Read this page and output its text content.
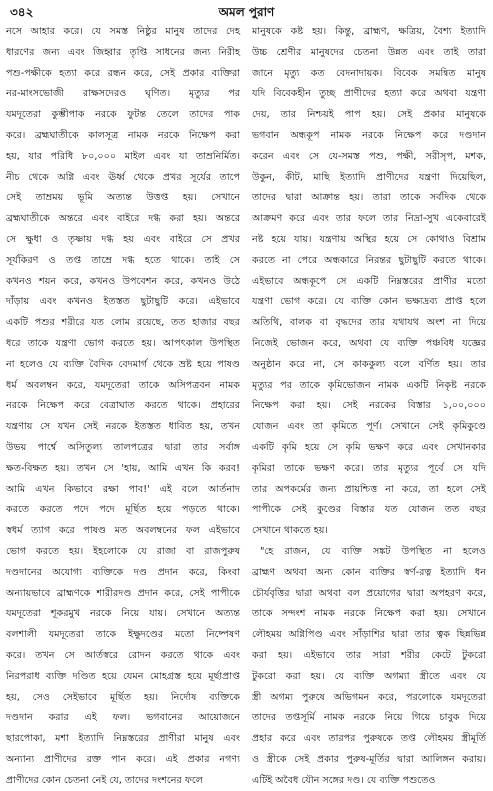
৩৪২	অমল পুরাণ
নসে আহার করে। যে সমস্ত নিষ্ঠুর মানুষ তাদের দেহ
ধারণের জন্য এবং জিহ্বার তৃপ্তি সাধনের জন্য নিরীহ
পশু-পক্ষীকে হত্যা করে রন্ধন করে, সেই প্রকার ব্যক্তিরা
নর-মাংসভোজী রাক্ষসদেরও ঘৃণিত। মৃত্যুর পর
যমদূতেরা কুম্ভীপাক নরকে ফুটন্ত তেলে তাদের পাক
করে। ব্রহ্মঘাতীকে কালসূত্র নামক নরকে নিক্ষেপ করা
হয়, যার পরিধি ৮০,০০০ মাইল এবং যা তাম্রনির্মিত।
নীচ থেকে অগ্নি এবং ঊর্ধ্ব থেকে প্রখর সূর্যের তাপে
সেই তাম্রময় ভূমি অত্যন্ত উত্তপ্ত হয়। সেখানে
ব্রহ্মঘাতীকে অন্তরে এবং বাইরে দগ্ধ করা হয়। অন্তরে
সে ক্ষুধা ও তৃষ্ণায় দগ্ধ হয় এবং বাইরে সে প্রখর
সূর্যকিরণ ও তপ্ত তাম্রে দগ্ধ হতে থাকে। তাই সে
কখনও শয়ন করে, কখনও উপবেশন করে, কখনও উঠে
দাঁড়ায় এবং কখনও ইতস্তত ছুটাছুটি করে। এইভাবে
একটি পশুর শরীরে যত লোম রয়েছে, তত হাজার বছর
ধরে তাকে যন্ত্রণা ভোগ করতে হয়। আপৎকাল উপস্থিত
না হলেও যে ব্যক্তি বৈদিক বেদমার্গ থেকে ভ্রষ্ট হয়ে পাষণ্ড
ধর্ম অবলম্বন করে, যমদূতেরা তাকে অসিপত্রবন নামক
নরকে নিক্ষেপ করে বেত্রাঘাত করতে থাকে। প্রহারের
যন্ত্রণায় সে যখন সেই নরকে ইতস্তত ধাবিত হয়, তখন
উভয় পার্শ্বে অসিতুল্য তালপত্রের দ্বারা তার সর্বাঙ্গ
ক্ষত-বিক্ষত হয়। তখন সে 'হায়, আমি এখন কি করব!
আমি এখন কিভাবে রক্ষা পাব!' এই বলে আর্তনাদ
করতে করতে পদে পদে মূর্ছিত হয়ে পড়তে থাকে।
স্বধর্ম ত্যাগ করে পাষণ্ড মত অবলম্বনের ফল এইভাবে
ভোগ করতে হয়। ইহলোকে যে রাজা বা রাজপুরুষ
দণ্ডদানের অযোগ্য ব্যক্তিকে দণ্ড প্রদান করে, কিংবা
অন্যায়ভাবে ব্রাহ্মণকে শারীরদণ্ড প্রদান করে, সেই পাপীকে
যমদূতেরা শূকরমুখ নরকে নিয়ে যায়। সেখানে অত্যন্ত
বলশালী যমদূতেরা তাকে ইক্ষুদণ্ডের মতো নিষ্পেষণ
করে। তখন সে আর্তস্বরে রোদন করতে থাকে এবং
নিরপরাধ ব্যক্তি দণ্ডিত হয়ে যেমন মোহগ্রস্ত হয়ে মূর্ছাপ্রাপ্ত
হয়, সেও সেইভাবে মূর্ছিত হয়। নির্দোষ ব্যক্তিকে
দণ্ডদান করার এই ফল। ভগবানের আয়োজনে
ছারপোকা, মশা ইত্যাদি নিম্নস্তরের প্রাণীরা মানুষ এবং
অন্যান্য প্রাণীদের রক্ত পান করে। এই প্রকার নগণ্য
প্রাণীদের কোন চেতনা নেই যে, তাদের দংশনের ফলে
মানুষকে কষ্ট হয়। কিন্তু, ব্রাহ্মণ, ক্ষত্রিয়, বৈশ্য ইত্যাদি
উচ্চ শ্রেণীর মানুষদের চেতনা উন্নত এবং তাই তারা
জানে মৃত্যু কত বেদনাদায়ক। বিবেক সমন্বিত মানুষ
যদি বিবেকহীন তুচ্ছ প্রাণীদের হত্যা করে অথবা যন্ত্রণা
দেয়, তার নিশ্চয়ই পাপ হয়। সেই প্রকার মানুষকে
ভগবান অন্ধকূপ নামক নরকে নিক্ষেপ করে দণ্ডদান
করেন এবং সে যে-সমস্ত পশু, পক্ষী, সরীসৃপ, মশক,
উকুন, কীট, মাছি ইত্যাদি প্রাণীদের যন্ত্রণা দিয়েছিল,
তাদের দ্বারা আক্রান্ত হয়। তারা তাকে সর্বদিক থেকে
আক্রমণ করে এবং তার ফলে তার নিদ্রা-সুখ একেবারেই
নষ্ট হয়ে যায়। যন্ত্রণায় অস্থির হয়ে সে কোথাও বিশ্রাম
করতে না পেরে অন্ধকারে নিরন্তর ছুটাছুটি করতে থাকে।
এইভাবে অন্ধকূপে সে একটি নিম্নস্তরের প্রাণীর মতো
যন্ত্রণা ভোগ করে। যে ব্যক্তি কোন ভক্ষ্যদ্রব্য প্রাপ্ত হলে
অতিথি, বালক বা বৃদ্ধদের তার যথাযথ অংশ না দিয়ে
নিজেই ভোজন করে, অথবা যে ব্যক্তি পঞ্চবিধ যজ্ঞের
অনুষ্ঠান করে না, সে কাককুল্য বলে বর্ণিত হয়। তার
মৃত্যুর পর তাকে কৃমিভোজন নামক একটি নিকৃষ্ট নরকে
নিক্ষেপ করা হয়। সেই নরকের বিস্তার ১,০০,০০০
যোজন এবং তা কৃমিতে পূর্ণ। সেখানে সেই কৃমিকুণ্ডে
একটি কৃমি হয়ে সে কৃমি ভক্ষণ করে এবং সেখানকার
কৃমিরা তাকে ভক্ষণ করে। তার মৃত্যুর পূর্বে সে যদি
তার অপকর্মের জন্য প্রায়শ্চিত্ত না করে, তা হলে সেই
পাপীকে সেই কুণ্ডের বিস্তার যত যোজন তত বছর
সেখানে থাকতে হয়।
"হে রাজন, যে ব্যক্তি সঙ্কট উপস্থিত না হলেও
ব্রাহ্মণ অথবা অন্য কোন ব্যক্তির স্বর্ণ-রত্ন ইত্যাদি ধন
চৌর্যবৃত্তির দ্বারা অথবা বল প্রয়োগের দ্বারা অপহরণ করে,
তাকে সন্দংশ নামক নরকে নিক্ষেপ করা হয়। সেখানে
লৌহময় অগ্নিপিণ্ড এবং সাঁড়াশির দ্বারা তার ত্বক ছিন্নভিন্ন
করা হয়। এইভাবে তার সারা শরীর কেটে টুকরো
টুকরো করা হয়। যে ব্যক্তি অগম্যা স্ত্রীতে এবং যে
স্ত্রী অগম্য পুরুষে অভিগমন করে, পরলোকে যমদূতেরা
তাদের তপ্তসূর্মি নামক নরকে নিয়ে গিয়ে চাবুক দিয়ে
প্রহার করে এবং তারপর পুরুষকে তপ্ত লৌহময় স্ত্রীমূর্তি
ও স্ত্রীকে সেই প্রকার পুরুষ-মূর্তির দ্বারা আলিঙ্গন করায়।
এটিই অবৈধ যৌন সঙ্গের দণ্ড। যে ব্যক্তি পশুতেও
